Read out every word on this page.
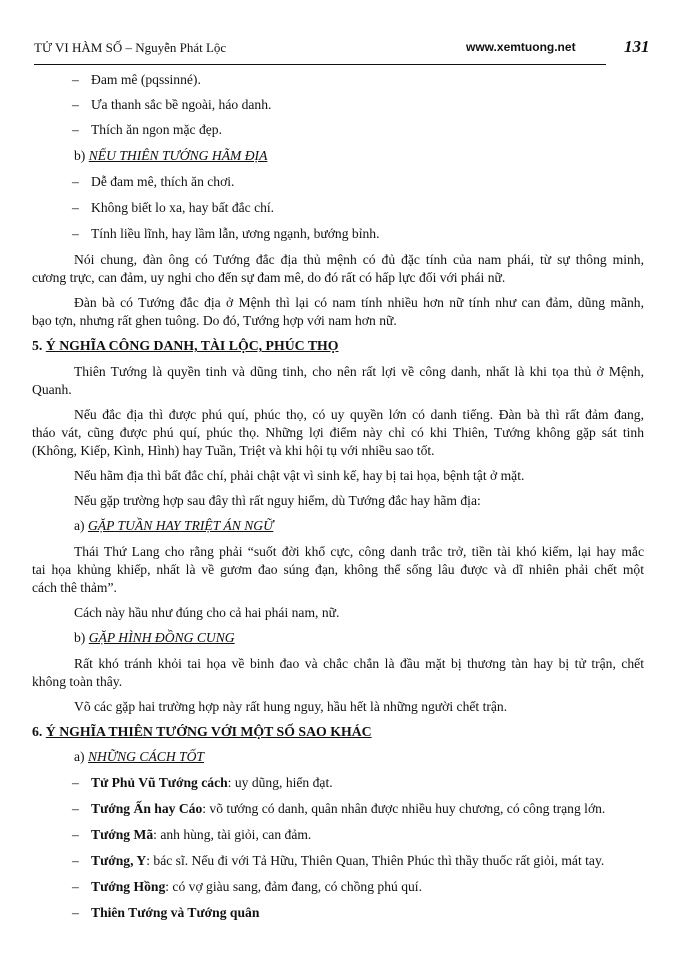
TỬ VI HÀM SỐ – Nguyễn Phát Lộc	www.xemtuong.net	131
– Đam mê (pqssinné).
– Ưa thanh sắc bề ngoài, háo danh.
– Thích ăn ngon mặc đẹp.
b) NẾU THIÊN TƯỚNG HÃM ĐỊA
– Dễ đam mê, thích ăn chơi.
– Không biết lo xa, hay bất đắc chí.
– Tính liều lĩnh, hay lầm lẫn, ương ngạnh, bướng bỉnh.
Nói chung, đàn ông có Tướng đắc địa thủ mệnh có đủ đặc tính của nam phái, từ sự thông minh,
cương trực, can đảm, uy nghi cho đến sự đam mê, do đó rất có hấp lực đối với phái nữ.
Đàn bà có Tướng đắc địa ở Mệnh thì lại có nam tính nhiều hơn nữ tính như can đảm, dũng mãnh,
bạo tợn, nhưng rất ghen tuông. Do đó, Tướng hợp với nam hơn nữ.
5. Ý NGHĨA CÔNG DANH, TÀI LỘC, PHÚC THỌ
Thiên Tướng là quyền tinh và dũng tinh, cho nên rất lợi về công danh, nhất là khi tọa thủ ở Mệnh,
Quanh.
Nếu đắc địa thì được phú quí, phúc thọ, có uy quyền lớn có danh tiếng. Đàn bà thì rất đảm đang,
tháo vát, cũng được phú quí, phúc thọ. Những lợi điểm này chỉ có khi Thiên, Tướng không gặp sát tinh
(Không, Kiếp, Kình, Hình) hay Tuần, Triệt và khi hội tụ với nhiều sao tốt.
Nếu hãm địa thì bất đắc chí, phải chật vật vì sinh kế, hay bị tai họa, bệnh tật ở mặt.
Nếu gặp trường hợp sau đây thì rất nguy hiểm, dù Tướng đắc hay hãm địa:
a) GẶP TUẦN HAY TRIỆT ÁN NGỮ
Thái Thứ Lang cho rằng phải “suốt đời khổ cực, công danh trắc trở, tiền tài khó kiếm, lại hay mắc
tai họa khủng khiếp, nhất là về gươm đao súng đạn, không thể sống lâu được và dĩ nhiên phải chết một
cách thê thảm”.
Cách này hầu như đúng cho cả hai phái nam, nữ.
b) GẶP HÌNH ĐỒNG CUNG
Rất khó tránh khỏi tai họa về binh đao và chắc chắn là đầu mặt bị thương tàn hay bị tử trận, chết
không toàn thây.
Võ các gặp hai trường hợp này rất hung nguy, hầu hết là những người chết trận.
6. Ý NGHĨA THIÊN TƯỚNG VỚI MỘT SỐ SAO KHÁC
a) NHỮNG CÁCH TỐT
– Tử Phủ Vũ Tướng cách: uy dũng, hiển đạt.
– Tướng Ấn hay Cáo: võ tướng có danh, quân nhân được nhiều huy chương, có công trạng lớn.
– Tướng Mã: anh hùng, tài giỏi, can đảm.
– Tướng, Y: bác sĩ. Nếu đi với Tả Hữu, Thiên Quan, Thiên Phúc thì thầy thuốc rất giỏi, mát tay.
– Tướng Hồng: có vợ giàu sang, đảm đang, có chồng phú quí.
– Thiên Tướng và Tướng quân
